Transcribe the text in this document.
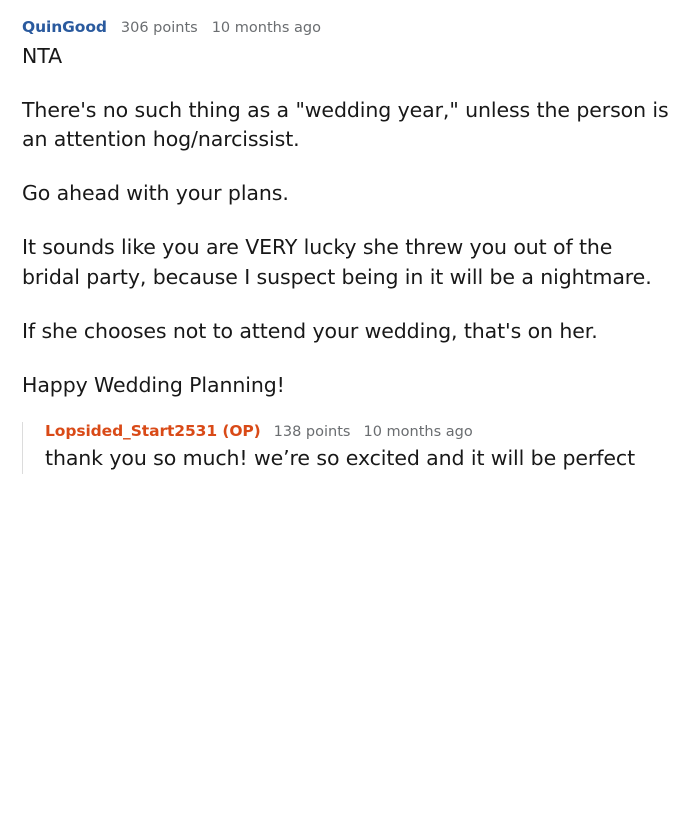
QuinGood 306 points 10 months ago

NTA

There's no such thing as a "wedding year," unless the person is an attention hog/narcissist.

Go ahead with your plans.

It sounds like you are VERY lucky she threw you out of the bridal party, because I suspect being in it will be a nightmare.

If she chooses not to attend your wedding, that's on her.

Happy Wedding Planning!

Lopsided_Start2531 (OP) 138 points 10 months ago

thank you so much! we’re so excited and it will be perfect
